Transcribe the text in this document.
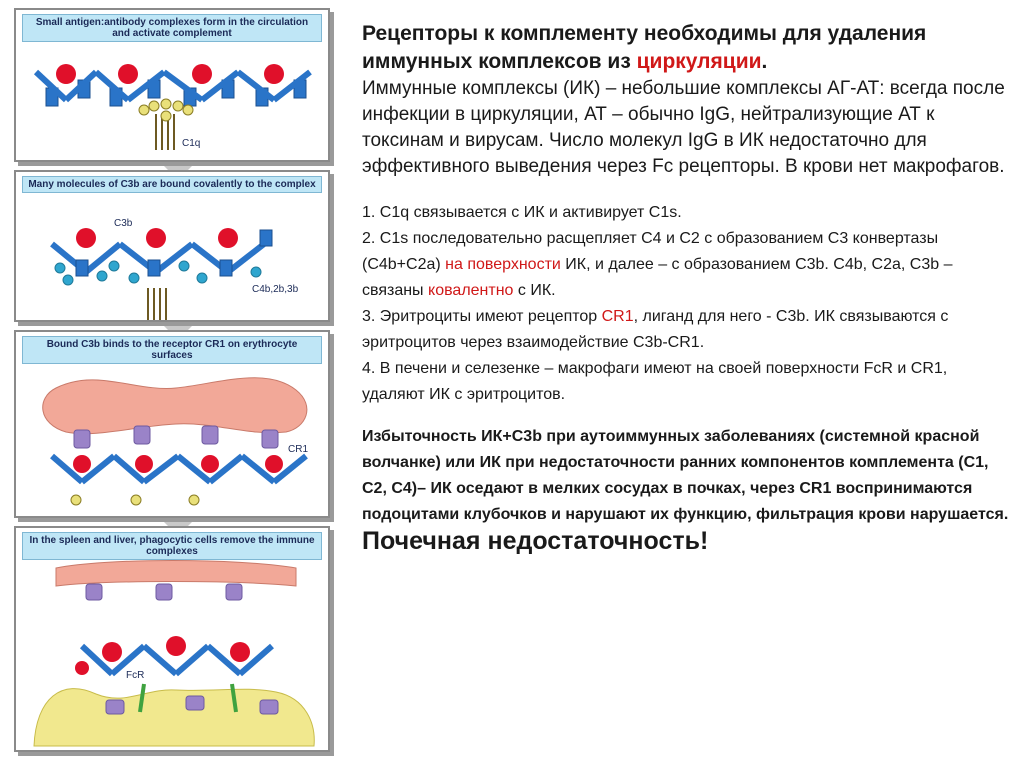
Small antigen:antibody complexes form in the circulation and activate complement
C1q
Many molecules of C3b are bound covalently to the complex
C3b
C4b,2b,3b
Bound C3b binds to the receptor CR1 on erythrocyte surfaces
CR1
In the spleen and liver, phagocytic cells remove the immune complexes
FcR
Рецепторы к комплементу необходимы для удаления иммунных комплексов из циркуляции.
Иммунные комплексы (ИК) – небольшие комплексы АГ-АТ: всегда после инфекции в циркуляции, АТ – обычно IgG, нейтрализующие АТ к токсинам и вирусам. Число молекул IgG в ИК недостаточно для эффективного выведения через Fc рецепторы. В крови нет макрофагов.
1. С1q связывается с ИК и активирует С1s.
2. С1s последовательно расщепляет С4 и С2 с образованием С3 конвертазы (С4b+С2а) на поверхности ИК, и далее – с образованием С3b. С4b, С2а, С3b – связаны ковалентно с ИК.
3. Эритроциты имеют рецептор CR1, лиганд для него - С3b. ИК связываются с эритроцитов через взаимодействие С3b-CR1.
4. В печени и селезенке – макрофаги имеют на своей поверхности FcR и CR1, удаляют ИК с эритроцитов.
Избыточность ИК+С3b при аутоиммунных заболеваниях (системной красной волчанке) или ИК при недостаточности ранних компонентов комплемента (С1, С2, С4)– ИК оседают в мелких сосудах в почках, через CR1 воспринимаются подоцитами клубочков и нарушают их функцию, фильтрация крови нарушается. Почечная недостаточность!
